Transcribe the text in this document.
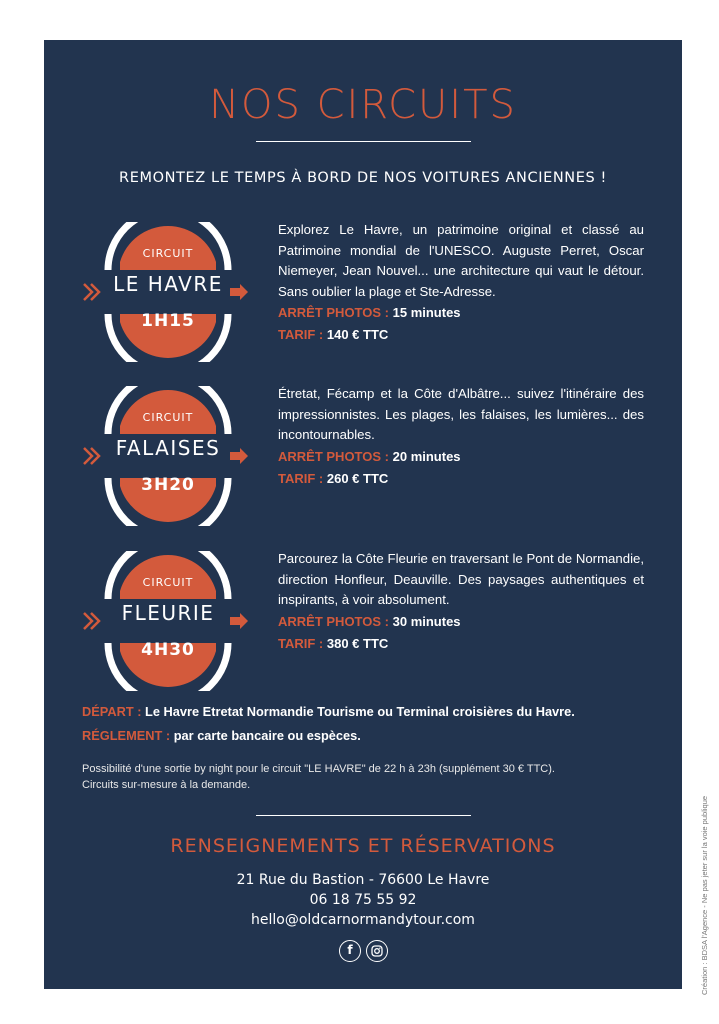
NOS CIRCUITS
REMONTEZ LE TEMPS À BORD DE NOS VOITURES ANCIENNES !
CIRCUIT
LE HAVRE
1H15
Explorez Le Havre, un patrimoine original et classé au Patrimoine mondial de l'UNESCO. Auguste Perret, Oscar Niemeyer, Jean Nouvel... une architecture qui vaut le détour. Sans oublier la plage et Ste-Adresse.
ARRÊT PHOTOS : 15 minutes
TARIF : 140 € TTC
CIRCUIT
FALAISES
3H20
Étretat, Fécamp et la Côte d'Albâtre... suivez l'itinéraire des impressionnistes. Les plages, les falaises, les lumières... des incontournables.
ARRÊT PHOTOS : 20 minutes
TARIF : 260 € TTC
CIRCUIT
FLEURIE
4H30
Parcourez la Côte Fleurie en traversant le Pont de Normandie, direction Honfleur, Deauville. Des paysages authentiques et inspirants, à voir absolument.
ARRÊT PHOTOS : 30 minutes
TARIF : 380 € TTC
DÉPART : Le Havre Etretat Normandie Tourisme ou Terminal croisières du Havre.
RÉGLEMENT : par carte bancaire ou espèces.
Possibilité d'une sortie by night pour le circuit "LE HAVRE" de 22 h à 23h (supplément 30 € TTC).
Circuits sur-mesure à la demande.
RENSEIGNEMENTS ET RÉSERVATIONS
21 Rue du Bastion - 76600 Le Havre
06 18 75 55 92
hello@oldcarnormandytour.com
f	Création : BDSA l'Agence - Ne pas jeter sur la voie publique
